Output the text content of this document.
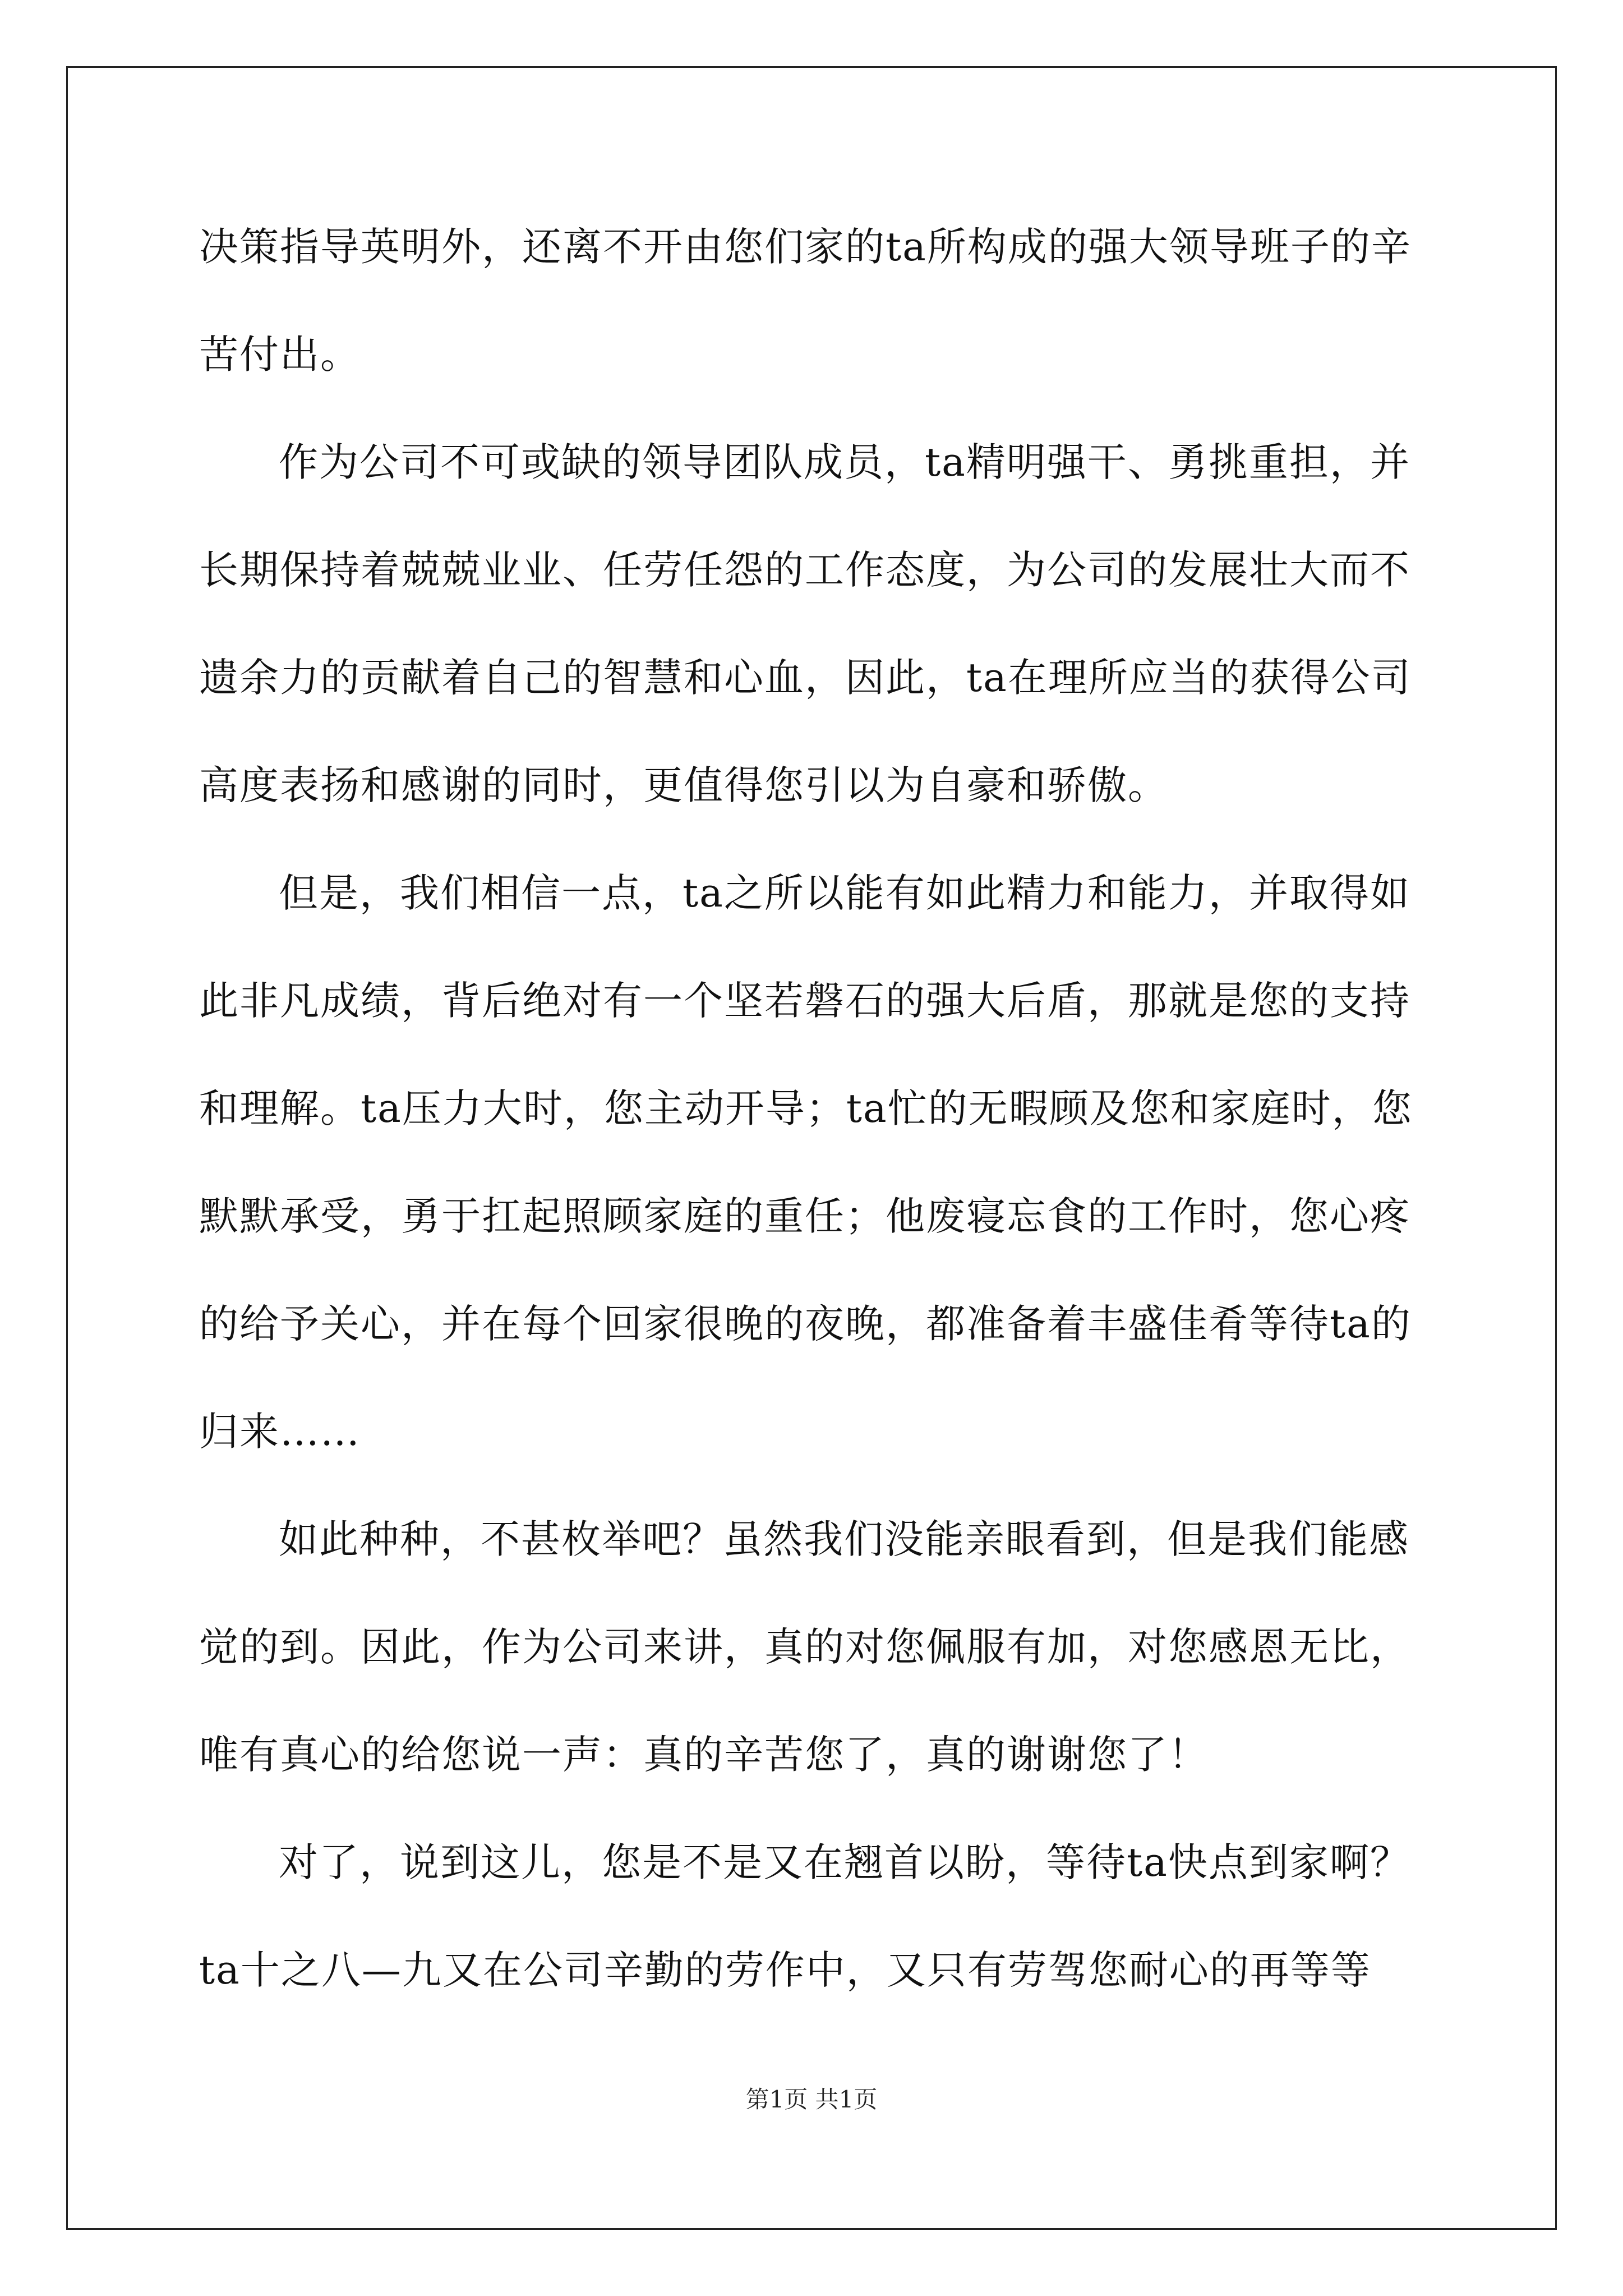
决策指导英明外，还离不开由您们家的ta所构成的强大领导班子的辛
苦付出。
作为公司不可或缺的领导团队成员，ta精明强干、勇挑重担，并
长期保持着兢兢业业、任劳任怨的工作态度，为公司的发展壮大而不
遗余力的贡献着自己的智慧和心血，因此，ta在理所应当的获得公司
高度表扬和感谢的同时，更值得您引以为自豪和骄傲。
但是，我们相信一点，ta之所以能有如此精力和能力，并取得如
此非凡成绩，背后绝对有一个坚若磐石的强大后盾，那就是您的支持
和理解。ta压力大时，您主动开导；ta忙的无暇顾及您和家庭时，您
默默承受，勇于扛起照顾家庭的重任；他废寝忘食的工作时，您心疼
的给予关心，并在每个回家很晚的夜晚，都准备着丰盛佳肴等待ta的
归来……
如此种种，不甚枚举吧？虽然我们没能亲眼看到，但是我们能感
觉的到。因此，作为公司来讲，真的对您佩服有加，对您感恩无比，
唯有真心的给您说一声：真的辛苦您了，真的谢谢您了！
对了，说到这儿，您是不是又在翘首以盼，等待ta快点到家啊？
ta十之八—九又在公司辛勤的劳作中，又只有劳驾您耐心的再等等
第1页 共1页
